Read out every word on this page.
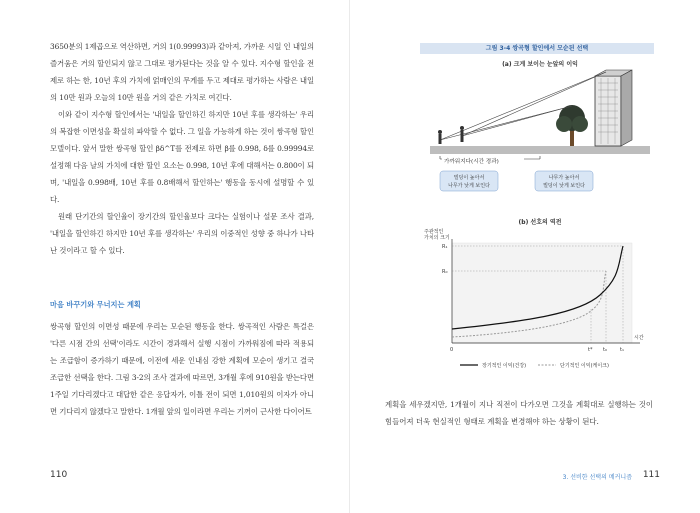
3650분의 1제곱으로 역산하면, 거의 1(0.99993)과 같아져, 가까운 시일 인 내일의 즐거움은 거의 할인되지 않고 그대로 평가된다는 것을 알 수 있다. 지수형 할인을 전제로 하는 한, 10년 후의 가치에 얽매인의 무게를 두고 제대로 평가하는 사람은 내일의 10만 원과 오늘의 10만 원을 거의 같은 가치로 여긴다.

이와 같이 지수형 할인에서는 '내일을 할인하긴 하지만 10년 후를 생각하는' 우리의 복잡한 이면성을 확실히 파악할 수 없다. 그 일을 가능하게 하는 것이 쌍곡형 할인 모델이다. 앞서 말한 쌍곡형 할인 βδ^T를 전제로 하면 β를 0.998, δ를 0.99994로 설정해 다음 날의 가치에 대한 할인 요소는 0.998, 10년 후에 대해서는 0.800이 되며, '내일을 0.998배, 10년 후를 0.8배해서 할인하는' 행동을 동시에 설명할 수 있다.

원래 단기간의 할인율이 장기간의 할인율보다 크다는 실험이나 설문 조사 결과, '내일을 할인하긴 하지만 10년 후를 생각하는' 우리의 이중적인 성향 중 하나가 나타난 것이라고 할 수 있다.

마음 바꾸기와 무너지는 계획

쌍곡형 할인의 이면성 때문에 우리는 모순된 행동을 한다. 쌍곡적인 사람은 특걸은 '다른 시점 간의 선택'이라도 시간이 경과해서 실행 시점이 가까워짐에 따라 적용되는 조급함이 증가하기 때문에, 이전에 세운 인내심 강한 계획에 모순이 생기고 결국 조급한 선택을 한다. 그림 3-2의 조사 결과에 따르면, 3개월 후에 910원을 받는다면 1주일 기다리겠다고 대답한 같은 응답자가, 이틀 전이 되면 1,010원의 이자가 아니면 기다리지 않겠다고 말한다. 1개월 앞의 일이라면 우리는 기꺼이 근사한 다이어트

110
그림 3-4 쌍곡형 할인에서 모순된 선택
(a) 크게 보이는 눈앞의 이익
가까워지다(시간 경과)
빌딩이 높아서
나무가 낮게 보인다
나무가 높아서
빌딩이 낮게 보인다
(b) 선호의 역전
주관적인
가치의 크기
시간
R₁
R₀
0	t* t₀	t₁
장기적인 이익(건강)	단기적인 이익(케이크)

계획을 세우겠지만, 1개월이 지나 직전이 다가오면 그것을 계획대로 실행하는 것이 힘들어져 더욱 현실적인 형태로 계획을 변경해야 하는 상황이 된다.

3. 선비한 선택의 메커니즘 111
